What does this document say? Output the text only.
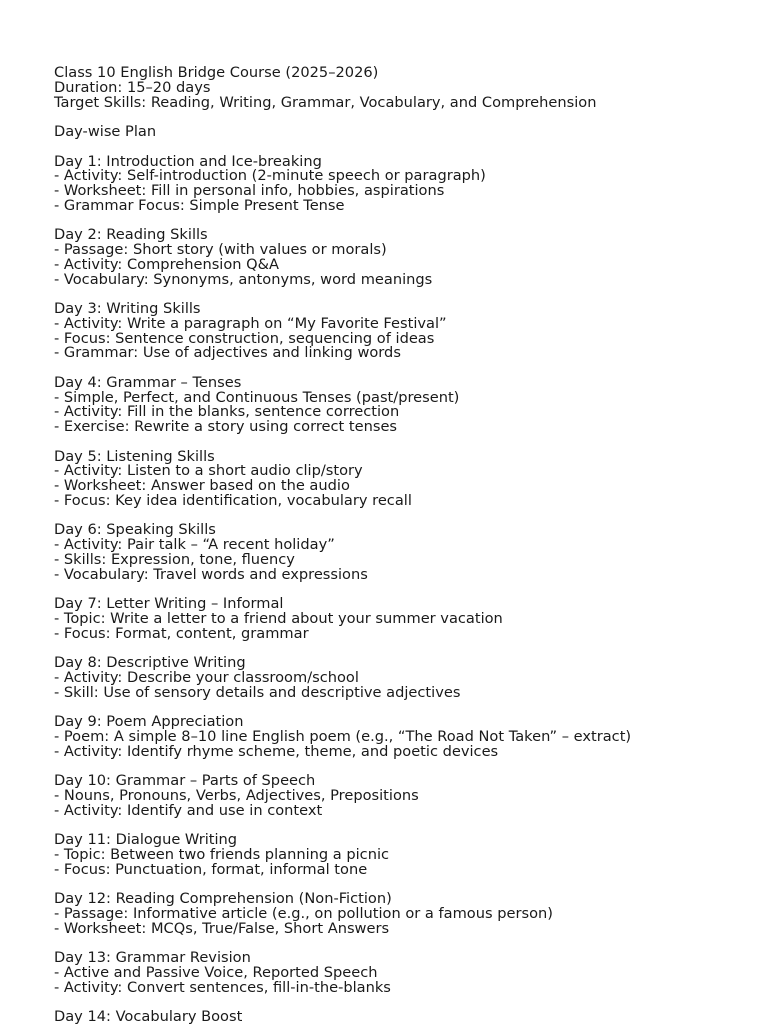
Class 10 English Bridge Course (2025–2026)
Duration: 15–20 days
Target Skills: Reading, Writing, Grammar, Vocabulary, and Comprehension
Day-wise Plan
Day 1: Introduction and Ice-breaking
- Activity: Self-introduction (2-minute speech or paragraph)
- Worksheet: Fill in personal info, hobbies, aspirations
- Grammar Focus: Simple Present Tense
Day 2: Reading Skills
- Passage: Short story (with values or morals)
- Activity: Comprehension Q&A
- Vocabulary: Synonyms, antonyms, word meanings
Day 3: Writing Skills
- Activity: Write a paragraph on “My Favorite Festival”
- Focus: Sentence construction, sequencing of ideas
- Grammar: Use of adjectives and linking words
Day 4: Grammar – Tenses
- Simple, Perfect, and Continuous Tenses (past/present)
- Activity: Fill in the blanks, sentence correction
- Exercise: Rewrite a story using correct tenses
Day 5: Listening Skills
- Activity: Listen to a short audio clip/story
- Worksheet: Answer based on the audio
- Focus: Key idea identification, vocabulary recall
Day 6: Speaking Skills
- Activity: Pair talk – “A recent holiday”
- Skills: Expression, tone, fluency
- Vocabulary: Travel words and expressions
Day 7: Letter Writing – Informal
- Topic: Write a letter to a friend about your summer vacation
- Focus: Format, content, grammar
Day 8: Descriptive Writing
- Activity: Describe your classroom/school
- Skill: Use of sensory details and descriptive adjectives
Day 9: Poem Appreciation
- Poem: A simple 8–10 line English poem (e.g., “The Road Not Taken” – extract)
- Activity: Identify rhyme scheme, theme, and poetic devices
Day 10: Grammar – Parts of Speech
- Nouns, Pronouns, Verbs, Adjectives, Prepositions
- Activity: Identify and use in context
Day 11: Dialogue Writing
- Topic: Between two friends planning a picnic
- Focus: Punctuation, format, informal tone
Day 12: Reading Comprehension (Non-Fiction)
- Passage: Informative article (e.g., on pollution or a famous person)
- Worksheet: MCQs, True/False, Short Answers
Day 13: Grammar Revision
- Active and Passive Voice, Reported Speech
- Activity: Convert sentences, fill-in-the-blanks
Day 14: Vocabulary Boost
